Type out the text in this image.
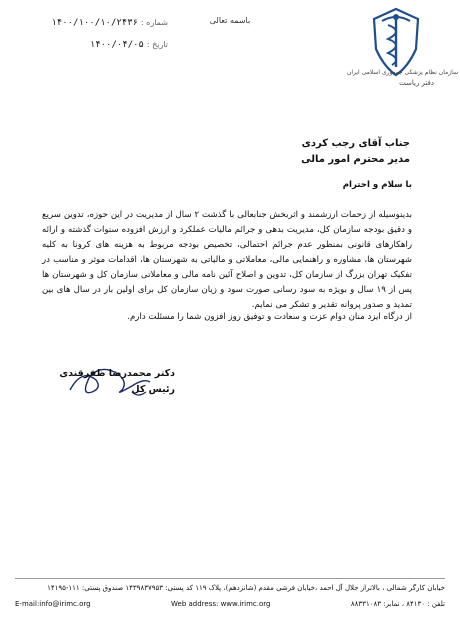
سازمان نظام پزشکی جمهوری اسلامی ایران
دفتر ریاست
باسمه تعالی
شماره : ۱۴۰۰/۱۰۰/۱۰/۲۴۳۶
تاریخ : ۱۴۰۰/۰۴/۰۵
جناب آقای رجب کردی
مدیر محترم امور مالی
با سلام و احترام
بدینوسیله از زحمات ارزشمند و اثربخش جنابعالی با گذشت ۲ سال از مدیریت در این حوزه، تدوین سریع و دقیق بودجه سازمان کل، مدیریت بدهی و جرائم مالیات عملکرد و ارزش افزوده سنوات گذشته و ارائه راهکارهای قانونی بمنظور عدم جرائم احتمالی، تخصیص بودجه مربوط به هزینه های کرونا به کلیه شهرستان ها، مشاوره و راهنمایی مالی، معاملاتی و مالیاتی به شهرستان ها، اقدامات موثر و مناسب در تفکیک تهران بزرگ از سازمان کل، تدوین و اصلاح آئین نامه مالی و معاملاتی سازمان کل و شهرستان ها پس از ۱۹ سال و بویژه به سود رسانی صورت سود و زیان سازمان کل برای اولین بار در سال های بین تمدید و صدور پروانه تقدیر و تشکر می نمایم.
از درگاه ایزد منان دوام عزت و سعادت و توفیق روز افزون شما را مسئلت دارم.
دکتر محمدرضا ظفرقندی
رئیس کل
خیابان کارگر شمالی ، بالاتراز جلال آل احمد ،خیابان فرشی مقدم (شانزدهم)، پلاک ۱۱۹ کد پستی: ۱۴۳۹۸۳۷۹۵۳ صندوق پستی: ۱۱۱-۱۴۱۹۵
E-mail:info@irimc.org	Web address: www.irimc.org	تلفن : ۸۴۱۳۰ ، نمابر: ۸۸۳۳۱۰۸۳
